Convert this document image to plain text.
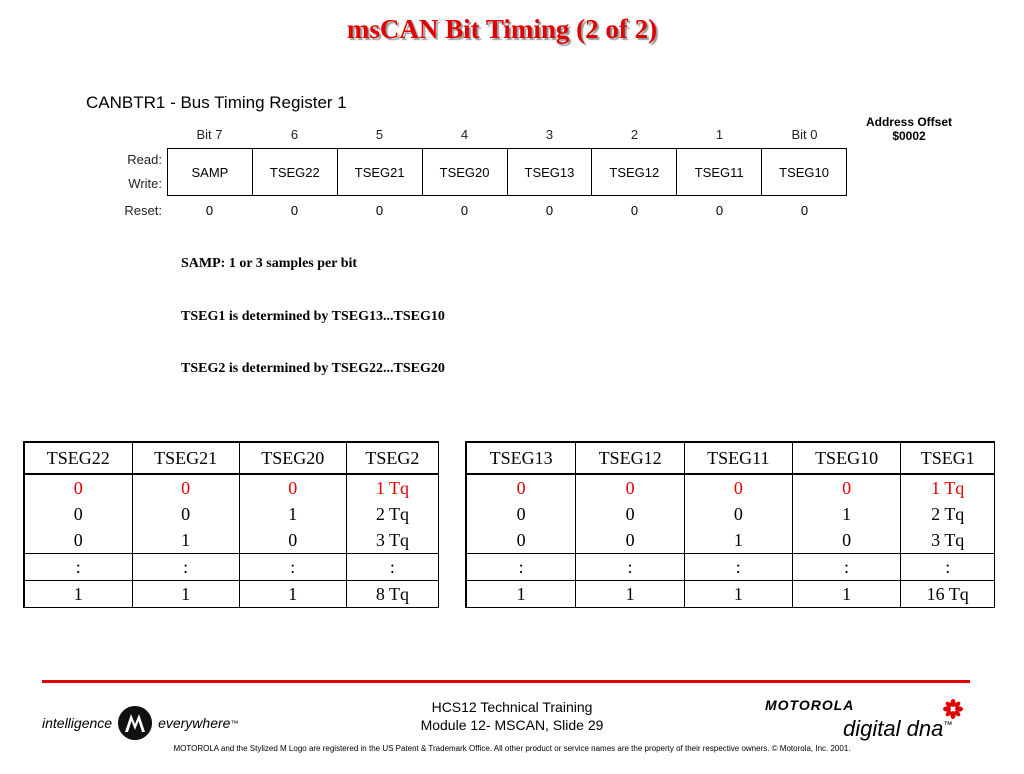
msCAN Bit Timing (2 of 2)
CANBTR1 - Bus Timing Register 1
Address Offset
$0002
Bit 7	6	5	4	3	2	1	Bit 0
Read:
Write:
Reset:
SAMP	TSEG22	TSEG21	TSEG20	TSEG13	TSEG12	TSEG11	TSEG10
0	0	0	0	0	0	0	0
SAMP: 1 or 3 samples per bit
TSEG1 is determined by TSEG13...TSEG10
TSEG2 is determined by TSEG22...TSEG20
TSEG22	TSEG21	TSEG20	TSEG2
0	0	0	1 Tq
0	0	1	2 Tq
0	1	0	3 Tq
:	:	:	:
1	1	1	8 Tq
TSEG13	TSEG12	TSEG11	TSEG10	TSEG1
0	0	0	0	1 Tq
0	0	0	1	2 Tq
0	0	1	0	3 Tq
:	:	:	:	:
1	1	1	1	16 Tq
intelligence	everywhere ™
HCS12 Technical Training
Module 12- MSCAN, Slide 29
MOTOROLA
digital dna™
MOTOROLA and the Stylized M Logo are registered in the US Patent & Trademark Office. All other product or service names are the property of their respective owners. © Motorola, Inc. 2001.
